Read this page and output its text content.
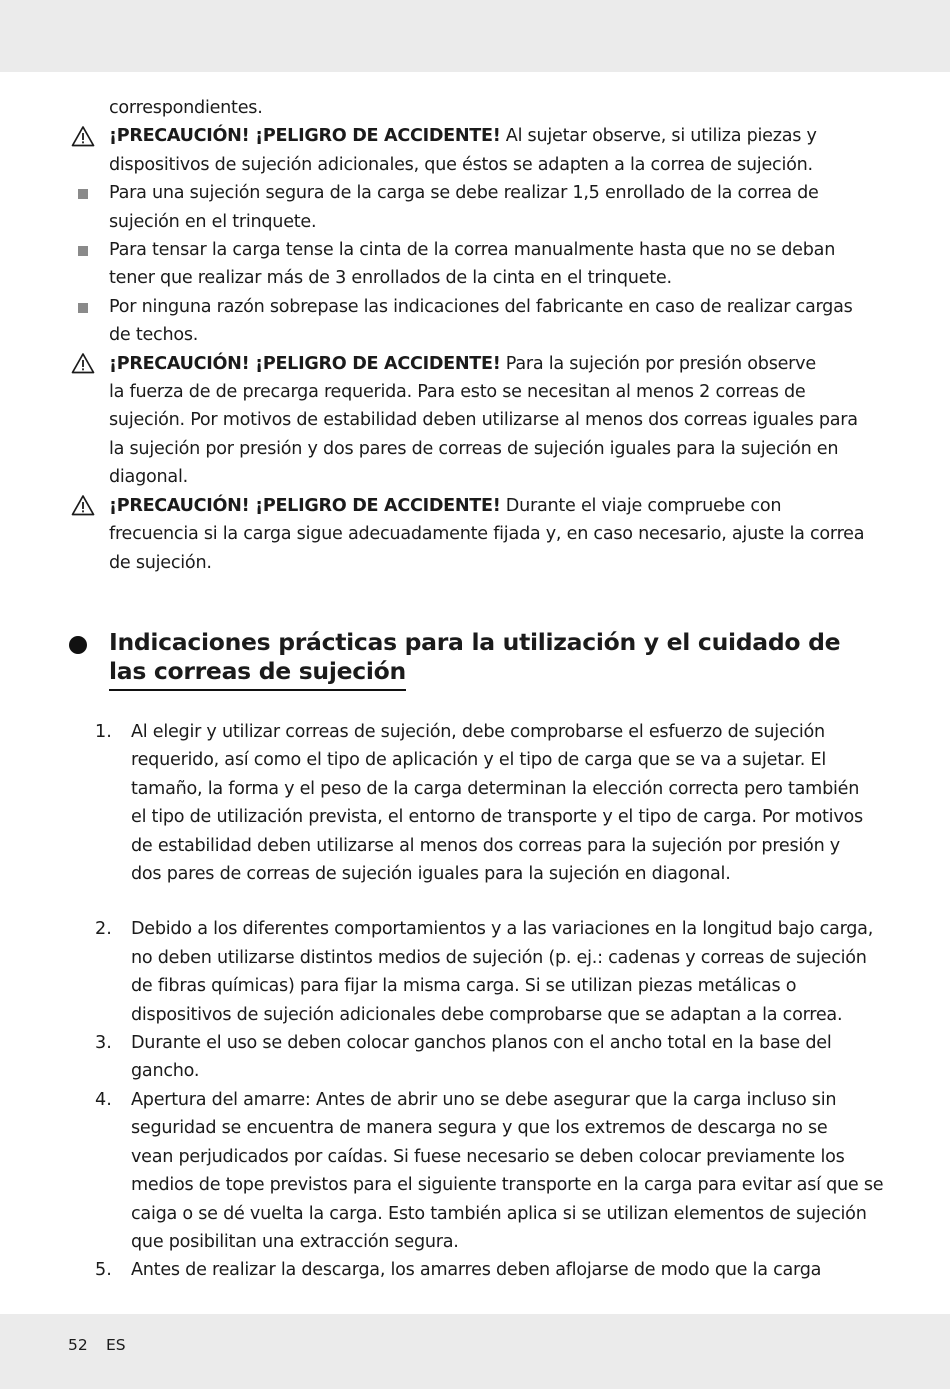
correspondientes.
¡PRECAUCIÓN! ¡PELIGRO DE ACCIDENTE! Al sujetar observe, si utiliza piezas y
dispositivos de sujeción adicionales, que éstos se adapten a la correa de sujeción.
Para una sujeción segura de la carga se debe realizar 1,5 enrollado de la correa de
sujeción en el trinquete.
Para tensar la carga tense la cinta de la correa manualmente hasta que no se deban
tener que realizar más de 3 enrollados de la cinta en el trinquete.
Por ninguna razón sobrepase las indicaciones del fabricante en caso de realizar cargas
de techos.
¡PRECAUCIÓN! ¡PELIGRO DE ACCIDENTE! Para la sujeción por presión observe
la fuerza de de precarga requerida. Para esto se necesitan al menos 2 correas de
sujeción. Por motivos de estabilidad deben utilizarse al menos dos correas iguales para
la sujeción por presión y dos pares de correas de sujeción iguales para la sujeción en
diagonal.
¡PRECAUCIÓN! ¡PELIGRO DE ACCIDENTE! Durante el viaje compruebe con
frecuencia si la carga sigue adecuadamente fijada y, en caso necesario, ajuste la correa
de sujeción.
Indicaciones prácticas para la utilización y el cuidado de
las correas de sujeción
1. Al elegir y utilizar correas de sujeción, debe comprobarse el esfuerzo de sujeción
requerido, así como el tipo de aplicación y el tipo de carga que se va a sujetar. El
tamaño, la forma y el peso de la carga determinan la elección correcta pero también
el tipo de utilización prevista, el entorno de transporte y el tipo de carga. Por motivos
de estabilidad deben utilizarse al menos dos correas para la sujeción por presión y
dos pares de correas de sujeción iguales para la sujeción en diagonal.
2. Debido a los diferentes comportamientos y a las variaciones en la longitud bajo carga,
no deben utilizarse distintos medios de sujeción (p. ej.: cadenas y correas de sujeción
de fibras químicas) para fijar la misma carga. Si se utilizan piezas metálicas o
dispositivos de sujeción adicionales debe comprobarse que se adaptan a la correa.
3. Durante el uso se deben colocar ganchos planos con el ancho total en la base del
gancho.
4. Apertura del amarre: Antes de abrir uno se debe asegurar que la carga incluso sin
seguridad se encuentra de manera segura y que los extremos de descarga no se
vean perjudicados por caídas. Si fuese necesario se deben colocar previamente los
medios de tope previstos para el siguiente transporte en la carga para evitar así que se
caiga o se dé vuelta la carga. Esto también aplica si se utilizan elementos de sujeción
que posibilitan una extracción segura.
5. Antes de realizar la descarga, los amarres deben aflojarse de modo que la carga
52 ES
